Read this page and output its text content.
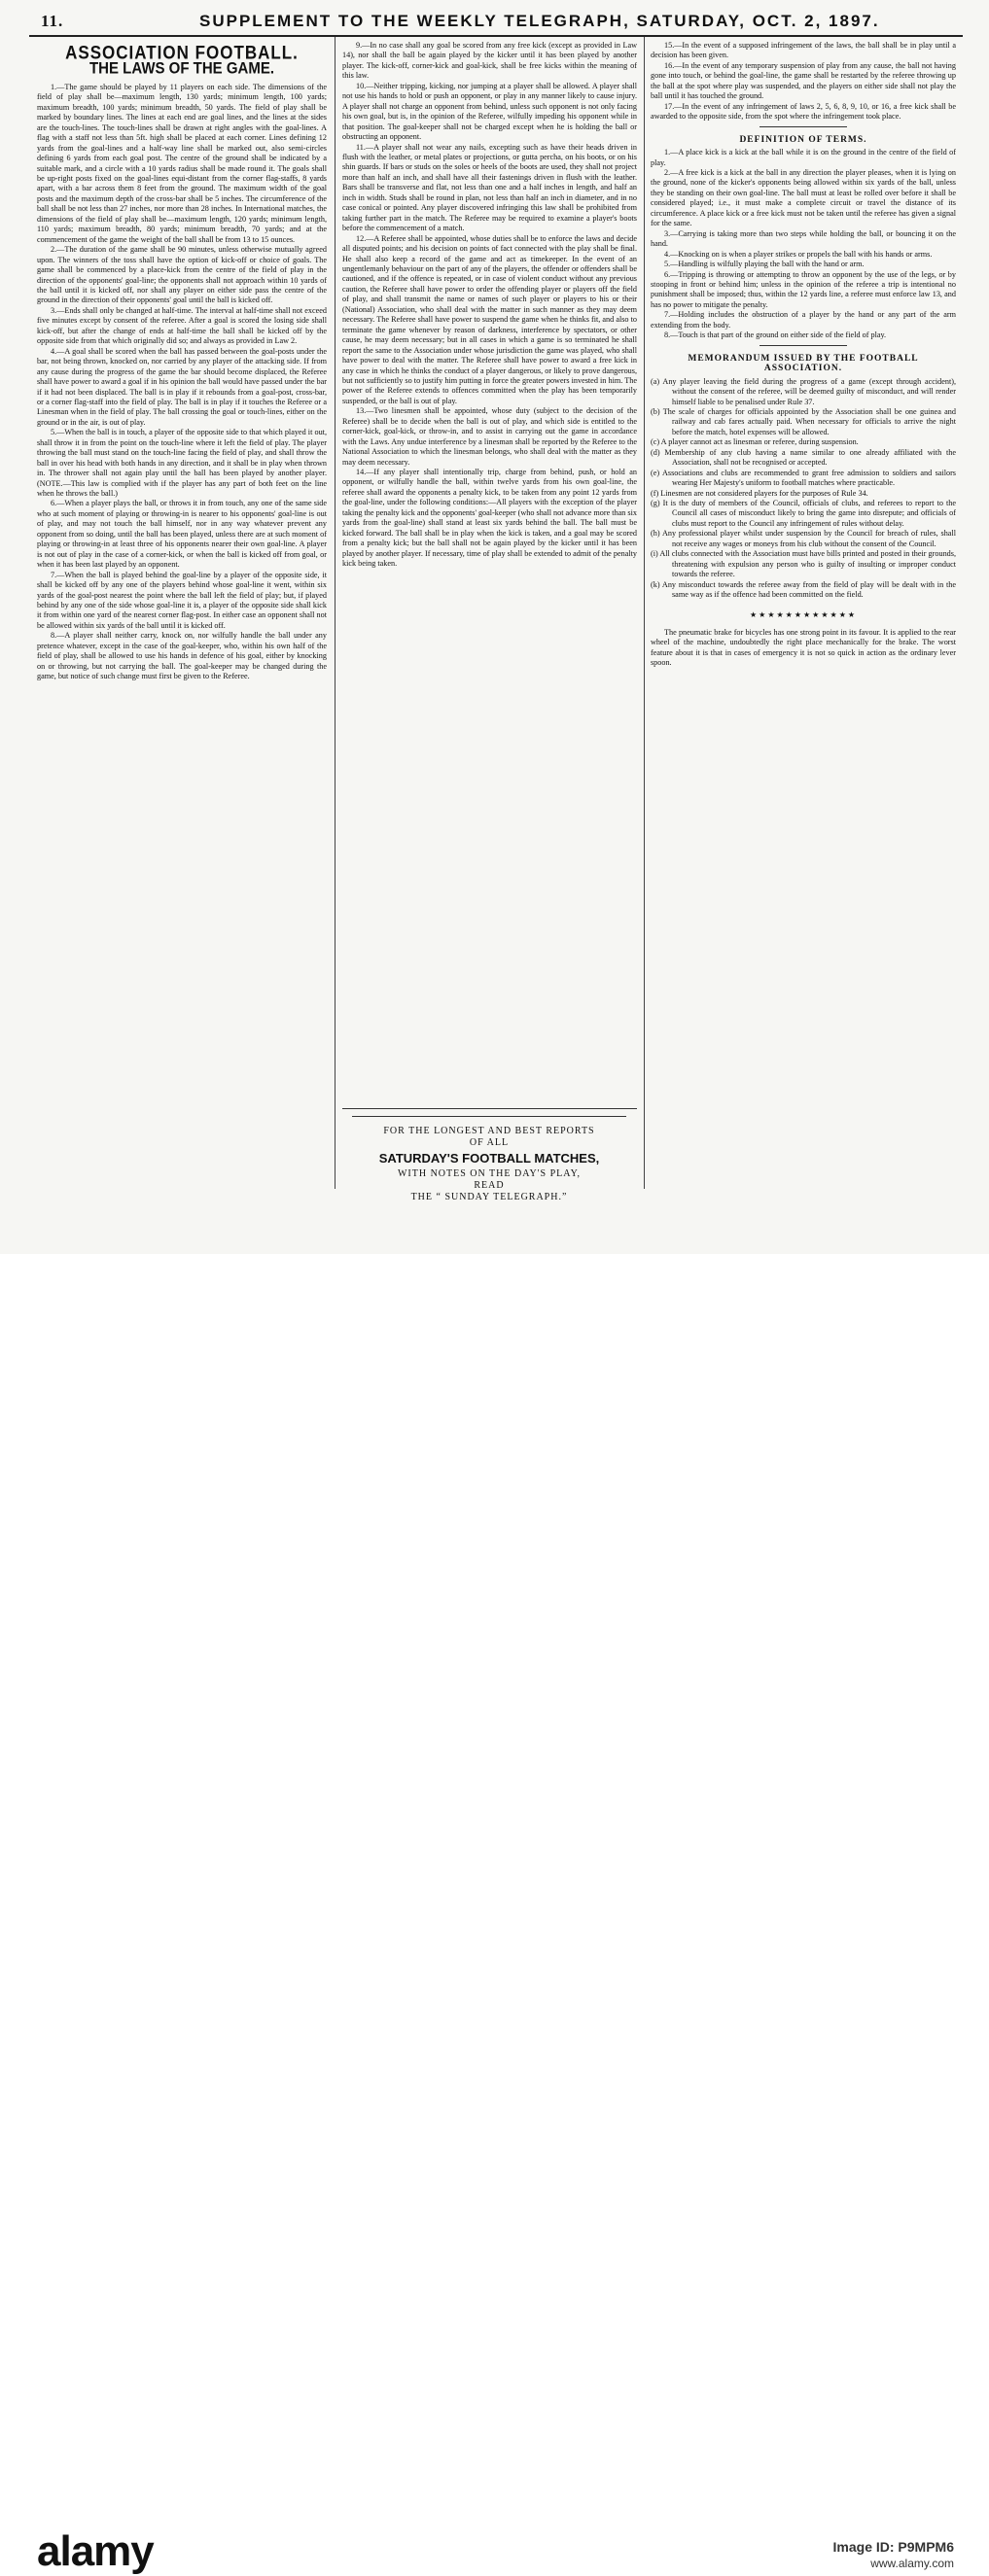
11.	SUPPLEMENT TO THE WEEKLY TELEGRAPH, SATURDAY, OCT. 2, 1897.
ASSOCIATION FOOTBALL.
THE LAWS OF THE GAME.

1.—The game should be played by 11 players on each side. The dimensions of the field of play shall be—maximum length, 130 yards; minimum length, 100 yards; maximum breadth, 100 yards; minimum breadth, 50 yards. The field of play shall be marked by boundary lines. The lines at each end are goal lines, and the lines at the sides are the touch-lines. The touch-lines shall be drawn at right angles with the goal-lines. A flag with a staff not less than 5ft. high shall be placed at each corner. Lines defining 12 yards from the goal-lines and a half-way line shall be marked out, also semi-circles defining 6 yards from each goal post. The centre of the ground shall be indicated by a suitable mark, and a circle with a 10 yards radius shall be made round it. The goals shall be up-right posts fixed on the goal-lines equi-distant from the corner flag-staffs, 8 yards apart, with a bar across them 8 feet from the ground. The maximum width of the goal posts and the maximum depth of the cross-bar shall be 5 inches. The circumference of the ball shall be not less than 27 inches, nor more than 28 inches. In International matches, the dimensions of the field of play shall be—maximum length, 120 yards; minimum length, 110 yards; maximum breadth, 80 yards; minimum breadth, 70 yards; and at the commencement of the game the weight of the ball shall be from 13 to 15 ounces.

2.—The duration of the game shall be 90 minutes, unless otherwise mutually agreed upon. The winners of the toss shall have the option of kick-off or choice of goals. The game shall be commenced by a place-kick from the centre of the field of play in the direction of the opponents' goal-line; the opponents shall not approach within 10 yards of the ball until it is kicked off, nor shall any player on either side pass the centre of the ground in the direction of their opponents' goal until the ball is kicked off.

3.—Ends shall only be changed at half-time. The interval at half-time shall not exceed five minutes except by consent of the referee. After a goal is scored the losing side shall kick-off, but after the change of ends at half-time the ball shall be kicked off by the opposite side from that which originally did so; and always as provided in Law 2.

4.—A goal shall be scored when the ball has passed between the goal-posts under the bar, not being thrown, knocked on, nor carried by any player of the attacking side. If from any cause during the progress of the game the bar should become displaced, the Referee shall have power to award a goal if in his opinion the ball would have passed under the bar if it had not been displaced. The ball is in play if it rebounds from a goal-post, cross-bar, or a corner flag-staff into the field of play. The ball is in play if it touches the Referee or a Linesman when in the field of play. The ball crossing the goal or touch-lines, either on the ground or in the air, is out of play.

5.—When the ball is in touch, a player of the opposite side to that which played it out, shall throw it in from the point on the touch-line where it left the field of play. The player throwing the ball must stand on the touch-line facing the field of play, and shall throw the ball in over his head with both hands in any direction, and it shall be in play when thrown in. The thrower shall not again play until the ball has been played by another player. (NOTE.—This law is complied with if the player has any part of both feet on the line when he throws the ball.)

6.—When a player plays the ball, or throws it in from touch, any one of the same side who at such moment of playing or throwing-in is nearer to his opponents' goal-line is out of play, and may not touch the ball himself, nor in any way whatever prevent any opponent from so doing, until the ball has been played, unless there are at such moment of playing or throwing-in at least three of his opponents nearer their own goal-line. A player is not out of play in the case of a corner-kick, or when the ball is kicked off from goal, or when it has been last played by an opponent.

7.—When the ball is played behind the goal-line by a player of the opposite side, it shall be kicked off by any one of the players behind whose goal-line it went, within six yards of the goal-post nearest the point where the ball left the field of play; but, if played behind by any one of the side whose goal-line it is, a player of the opposite side shall kick it from within one yard of the nearest corner flag-post. In either case an opponent shall not be allowed within six yards of the ball until it is kicked off.

8.—A player shall neither carry, knock on, nor wilfully handle the ball under any pretence whatever, except in the case of the goal-keeper, who, within his own half of the field of play, shall be allowed to use his hands in defence of his goal, either by knocking on or throwing, but not carrying the ball. The goal-keeper may be changed during the game, but notice of such change must first be given to the Referee.

9.—In no case shall any goal be scored from any free kick (except as provided in Law 14), nor shall the ball be again played by the kicker until it has been played by another player. The kick-off, corner-kick and goal-kick, shall be free kicks within the meaning of this law.

10.—Neither tripping, kicking, nor jumping at a player shall be allowed. A player shall not use his hands to hold or push an opponent, or play in any manner likely to cause injury. A player shall not charge an opponent from behind, unless such opponent is not only facing his own goal, but is, in the opinion of the Referee, wilfully impeding his opponent while in that position. The goal-keeper shall not be charged except when he is holding the ball or obstructing an opponent.

11.—A player shall not wear any nails, excepting such as have their heads driven in flush with the leather, or metal plates or projections, or gutta percha, on his boots, or on his shin guards. If bars or studs on the soles or heels of the boots are used, they shall not project more than half an inch, and shall have all their fastenings driven in flush with the leather. Bars shall be transverse and flat, not less than one and a half inches in length, and half an inch in width. Studs shall be round in plan, not less than half an inch in diameter, and in no case conical or pointed. Any player discovered infringing this law shall be prohibited from taking further part in the match. The Referee may be required to examine a player's boots before the commencement of a match.

12.—A Referee shall be appointed, whose duties shall be to enforce the laws and decide all disputed points; and his decision on points of fact connected with the play shall be final. He shall also keep a record of the game and act as timekeeper. In the event of an ungentlemanly behaviour on the part of any of the players, the offender or offenders shall be cautioned, and if the offence is repeated, or in case of violent conduct without any previous caution, the Referee shall have power to order the offending player or players off the field of play, and shall transmit the name or names of such player or players to his or their (National) Association, who shall deal with the matter in such manner as they may deem necessary. The Referee shall have power to suspend the game when he thinks fit, and also to terminate the game whenever by reason of darkness, interference by spectators, or other cause, he may deem necessary; but in all cases in which a game is so terminated he shall report the same to the Association under whose jurisdiction the game was played, who shall have power to deal with the matter. The Referee shall have power to award a free kick in any case in which he thinks the conduct of a player dangerous, or likely to prove dangerous, but not sufficiently so to justify him putting in force the greater powers invested in him. The power of the Referee extends to offences committed when the play has been temporarily suspended, or the ball is out of play.

13.—Two linesmen shall be appointed, whose duty (subject to the decision of the Referee) shall be to decide when the ball is out of play, and which side is entitled to the corner-kick, goal-kick, or throw-in, and to assist in carrying out the game in accordance with the Laws. Any undue interference by a linesman shall be reported by the Referee to the National Association to which the linesman belongs, who shall deal with the matter as they may deem necessary.

14.—If any player shall intentionally trip, charge from behind, push, or hold an opponent, or wilfully handle the ball, within twelve yards from his own goal-line, the referee shall award the opponents a penalty kick, to be taken from any point 12 yards from the goal-line, under the following conditions:—All players with the exception of the player taking the penalty kick and the opponents' goal-keeper (who shall not advance more than six yards from the goal-line) shall stand at least six yards behind the ball. The ball must be kicked forward. The ball shall be in play when the kick is taken, and a goal may be scored from a penalty kick; but the ball shall not be again played by the kicker until it has been played by another player. If necessary, time of play shall be extended to admit of the penalty kick being taken.

FOR THE LONGEST AND BEST REPORTS
OF ALL
SATURDAY'S FOOTBALL MATCHES,
WITH NOTES ON THE DAY'S PLAY,
READ
THE “ SUNDAY TELEGRAPH.”

15.—In the event of a supposed infringement of the laws, the ball shall be in play until a decision has been given.

16.—In the event of any temporary suspension of play from any cause, the ball not having gone into touch, or behind the goal-line, the game shall be restarted by the referee throwing up the ball at the spot where play was suspended, and the players on either side shall not play the ball until it has touched the ground.

17.—In the event of any infringement of laws 2, 5, 6, 8, 9, 10, or 16, a free kick shall be awarded to the opposite side, from the spot where the infringement took place.

DEFINITION OF TERMS.

1.—A place kick is a kick at the ball while it is on the ground in the centre of the field of play.

2.—A free kick is a kick at the ball in any direction the player pleases, when it is lying on the ground, none of the kicker's opponents being allowed within six yards of the ball, unless they be standing on their own goal-line. The ball must at least be rolled over before it shall be considered played; i.e., it must make a complete circuit or travel the distance of its circumference. A place kick or a free kick must not be taken until the referee has given a signal for the same.

3.—Carrying is taking more than two steps while holding the ball, or bouncing it on the hand.

4.—Knocking on is when a player strikes or propels the ball with his hands or arms.

5.—Handling is wilfully playing the ball with the hand or arm.

6.—Tripping is throwing or attempting to throw an opponent by the use of the legs, or by stooping in front or behind him; unless in the opinion of the referee a trip is intentional no punishment shall be imposed; thus, within the 12 yards line, a referee must enforce law 13, and has no power to mitigate the penalty.

7.—Holding includes the obstruction of a player by the hand or any part of the arm extending from the body.

8.—Touch is that part of the ground on either side of the field of play.

MEMORANDUM ISSUED BY THE FOOTBALL ASSOCIATION.

(a) Any player leaving the field during the progress of a game (except through accident), without the consent of the referee, will be deemed guilty of misconduct, and will render himself liable to be penalised under Rule 37.

(b) The scale of charges for officials appointed by the Association shall be one guinea and railway and cab fares actually paid. When necessary for officials to arrive the night before the match, hotel expenses will be allowed.

(c) A player cannot act as linesman or referee, during suspension.

(d) Membership of any club having a name similar to one already affiliated with the Association, shall not be recognised or accepted.

(e) Associations and clubs are recommended to grant free admission to soldiers and sailors wearing Her Majesty's uniform to football matches where practicable.

(f) Linesmen are not considered players for the purposes of Rule 34.

(g) It is the duty of members of the Council, officials of clubs, and referees to report to the Council all cases of misconduct likely to bring the game into disrepute; and officials of clubs must report to the Council any infringement of rules without delay.

(h) Any professional player whilst under suspension by the Council for breach of rules, shall not receive any wages or moneys from his club without the consent of the Council.

(i) All clubs connected with the Association must have bills printed and posted in their grounds, threatening with expulsion any person who is guilty of insulting or improper conduct towards the referee.

(k) Any misconduct towards the referee away from the field of play will be dealt with in the same way as if the offence had been committed on the field.

★★★★★★★★★★★★

The pneumatic brake for bicycles has one strong point in its favour. It is applied to the rear wheel of the machine, undoubtedly the right place mechanically for the brake. The worst feature about it is that in cases of emergency it is not so quick in action as the ordinary lever spoon.

alamy	Image ID: P9MPM6
www.alamy.com
